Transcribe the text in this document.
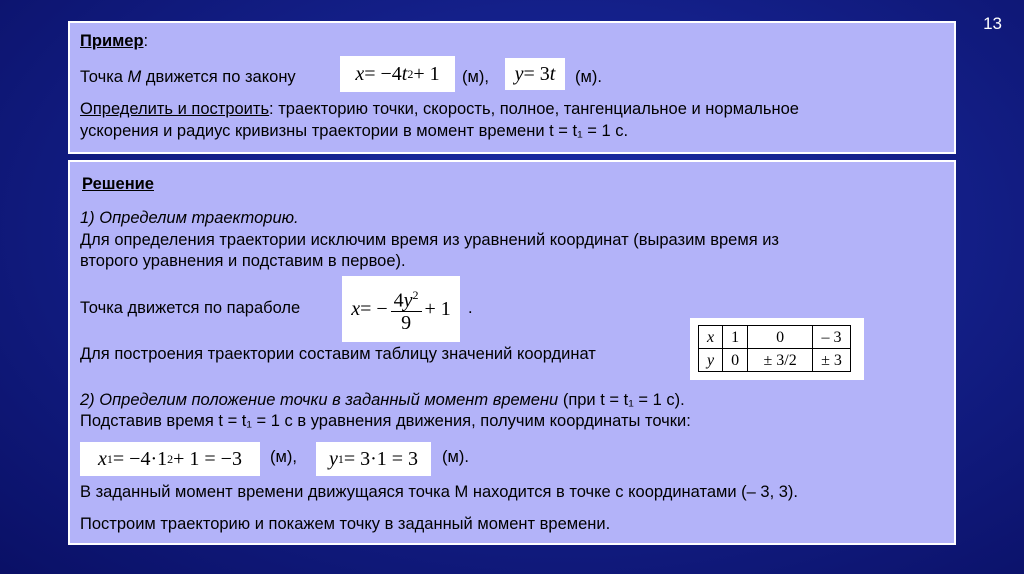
13
Пример:
Точка M движется по закону	x = −4 t 2 + 1 (м), y = 3 t (м).
Определить и построить: траекторию точки, скорость, полное, тангенциальное и нормальное
ускорения и радиус кривизны траектории в момент времени t = t₁ = 1 с.
Решение
1) Определим траекторию.
Для определения траектории исключим время из уравнений координат (выразим время из
второго уравнения и подставим в первое).
Точка движется по параболе	x = − $\frac{4y^2}{9} + 1$ .
Для построения траектории составим таблицу значений координат
x	1	0	– 3
y	0	± 3/2	± 3
2) Определим положение точки в заданный момент времени (при t = t₁ = 1 с).
Подставив время t = t₁ = 1 с в уравнения движения, получим координаты точки:
x 1 = −4·1 2 + 1 = −3 (м), y 1 = 3·1 = 3 (м).
В заданный момент времени движущаяся точка М находится в точке с координатами (– 3, 3).
Построим траекторию и покажем точку в заданный момент времени.
